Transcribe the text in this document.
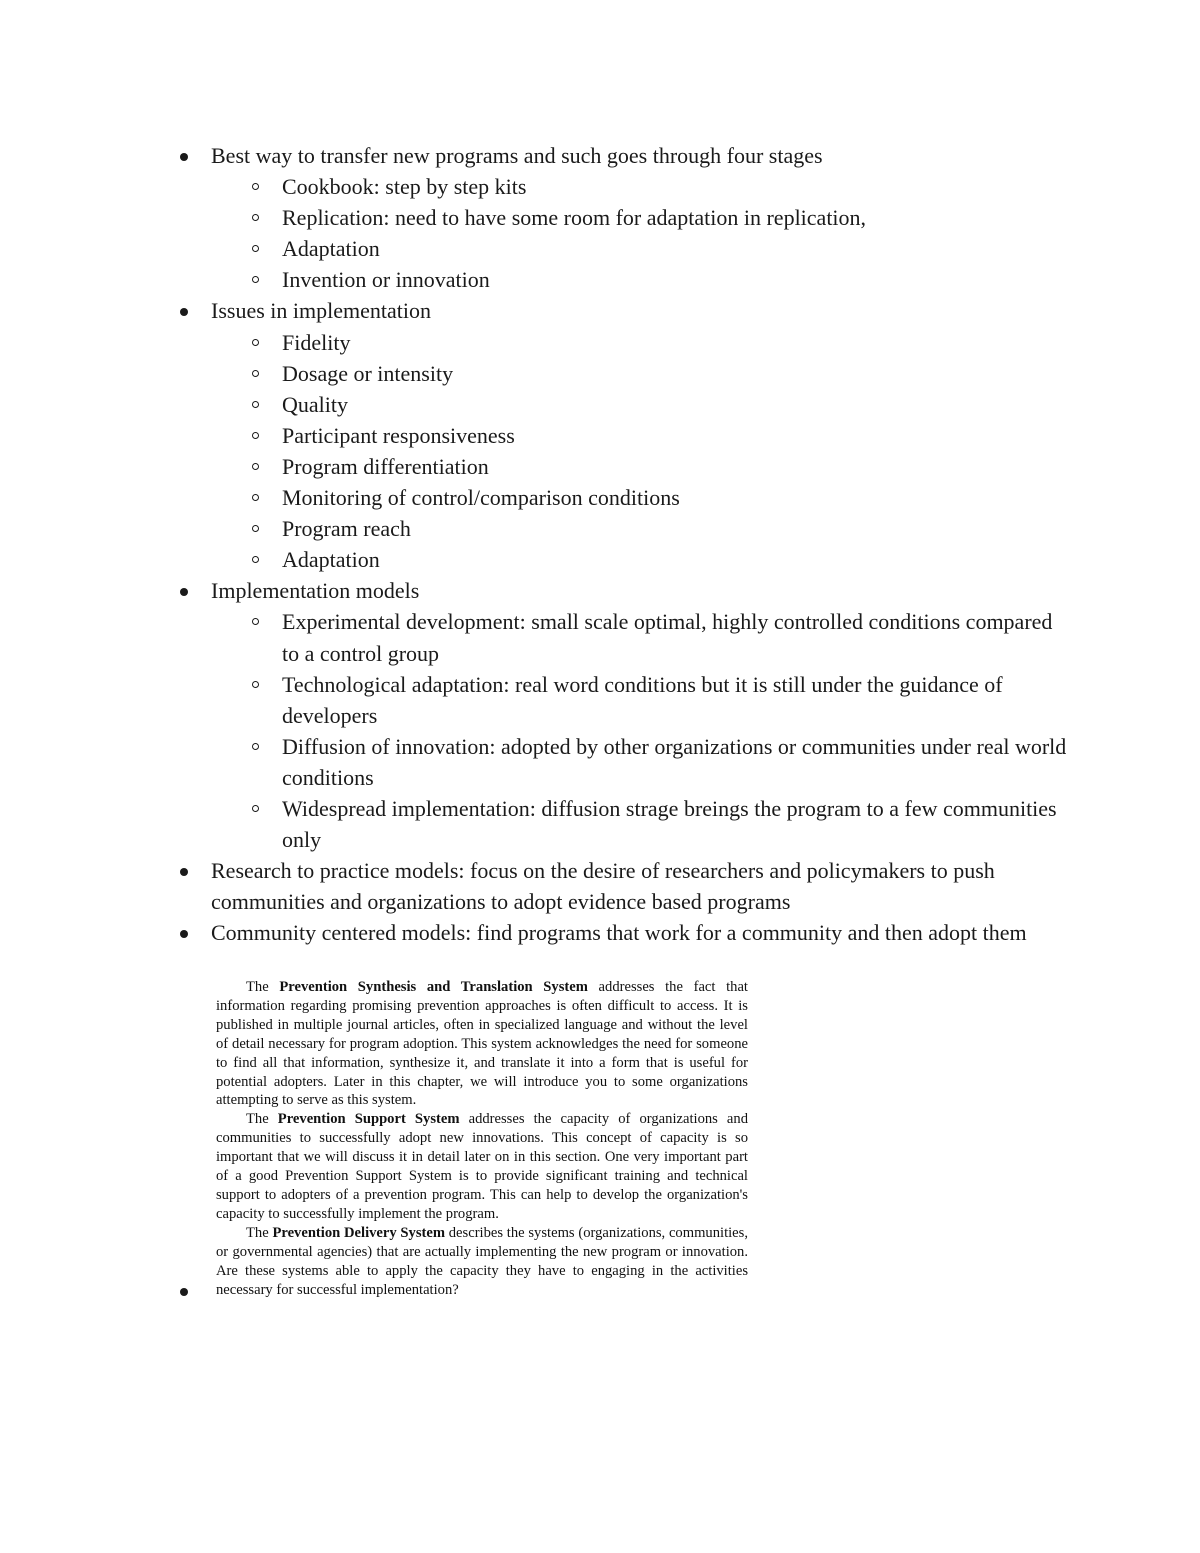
Best way to transfer new programs and such goes through four stages
Cookbook: step by step kits
Replication: need to have some room for adaptation in replication,
Adaptation
Invention or innovation
Issues in implementation
Fidelity
Dosage or intensity
Quality
Participant responsiveness
Program differentiation
Monitoring of control/comparison conditions
Program reach
Adaptation
Implementation models
Experimental development: small scale optimal, highly controlled conditions compared to a control group
Technological adaptation: real word conditions but it is still under the guidance of developers
Diffusion of innovation: adopted by other organizations or communities under real world conditions
Widespread implementation: diffusion strage breings the program to a few communities only
Research to practice models: focus on the desire of researchers and policymakers to push communities and organizations to adopt evidence based programs
Community centered models: find programs that work for a community and then adopt them

The Prevention Synthesis and Translation System addresses the fact that information regarding promising prevention approaches is often difficult to access. It is published in multiple journal articles, often in specialized language and without the level of detail necessary for program adoption. This system acknowledges the need for someone to find all that information, synthesize it, and translate it into a form that is useful for potential adopters. Later in this chapter, we will introduce you to some organizations attempting to serve as this system.

The Prevention Support System addresses the capacity of organizations and communities to successfully adopt new innovations. This concept of capacity is so important that we will discuss it in detail later on in this section. One very important part of a good Prevention Support System is to provide significant training and technical support to adopters of a prevention program. This can help to develop the organization's capacity to successfully implement the program.

The Prevention Delivery System describes the systems (organizations, communities, or governmental agencies) that are actually implementing the new program or innovation. Are these systems able to apply the capacity they have to engaging in the activities necessary for successful implementation?
